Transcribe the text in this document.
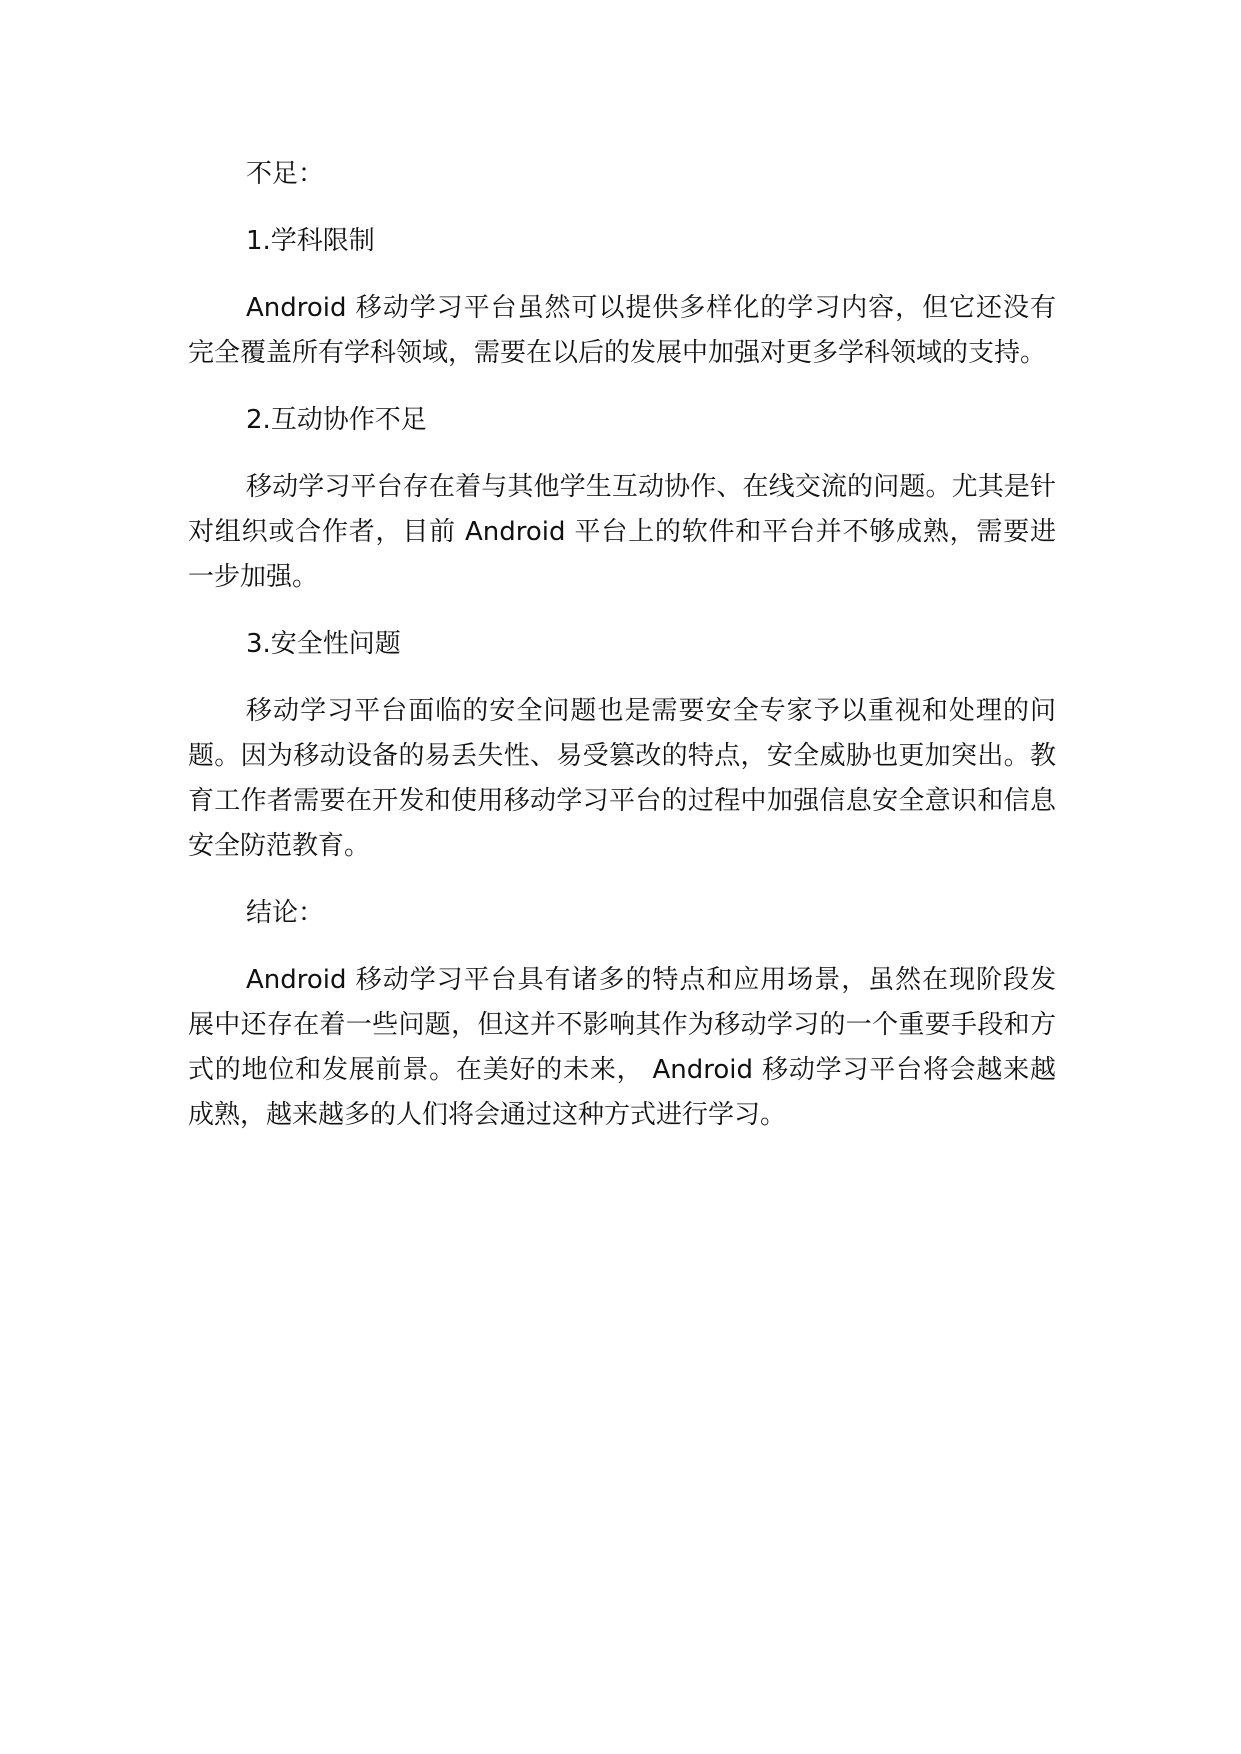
不足：

1.学科限制

Android 移动学习平台虽然可以提供多样化的学习内容，但它还没有完全覆盖所有学科领域，需要在以后的发展中加强对更多学科领域的支持。

2.互动协作不足

移动学习平台存在着与其他学生互动协作、在线交流的问题。尤其是针对组织或合作者，目前 Android 平台上的软件和平台并不够成熟，需要进一步加强。

3.安全性问题

移动学习平台面临的安全问题也是需要安全专家予以重视和处理的问题。因为移动设备的易丢失性、易受篡改的特点，安全威胁也更加突出。教育工作者需要在开发和使用移动学习平台的过程中加强信息安全意识和信息安全防范教育。

结论：

Android 移动学习平台具有诸多的特点和应用场景，虽然在现阶段发展中还存在着一些问题，但这并不影响其作为移动学习的一个重要手段和方式的地位和发展前景。在美好的未来， Android 移动学习平台将会越来越成熟，越来越多的人们将会通过这种方式进行学习。
